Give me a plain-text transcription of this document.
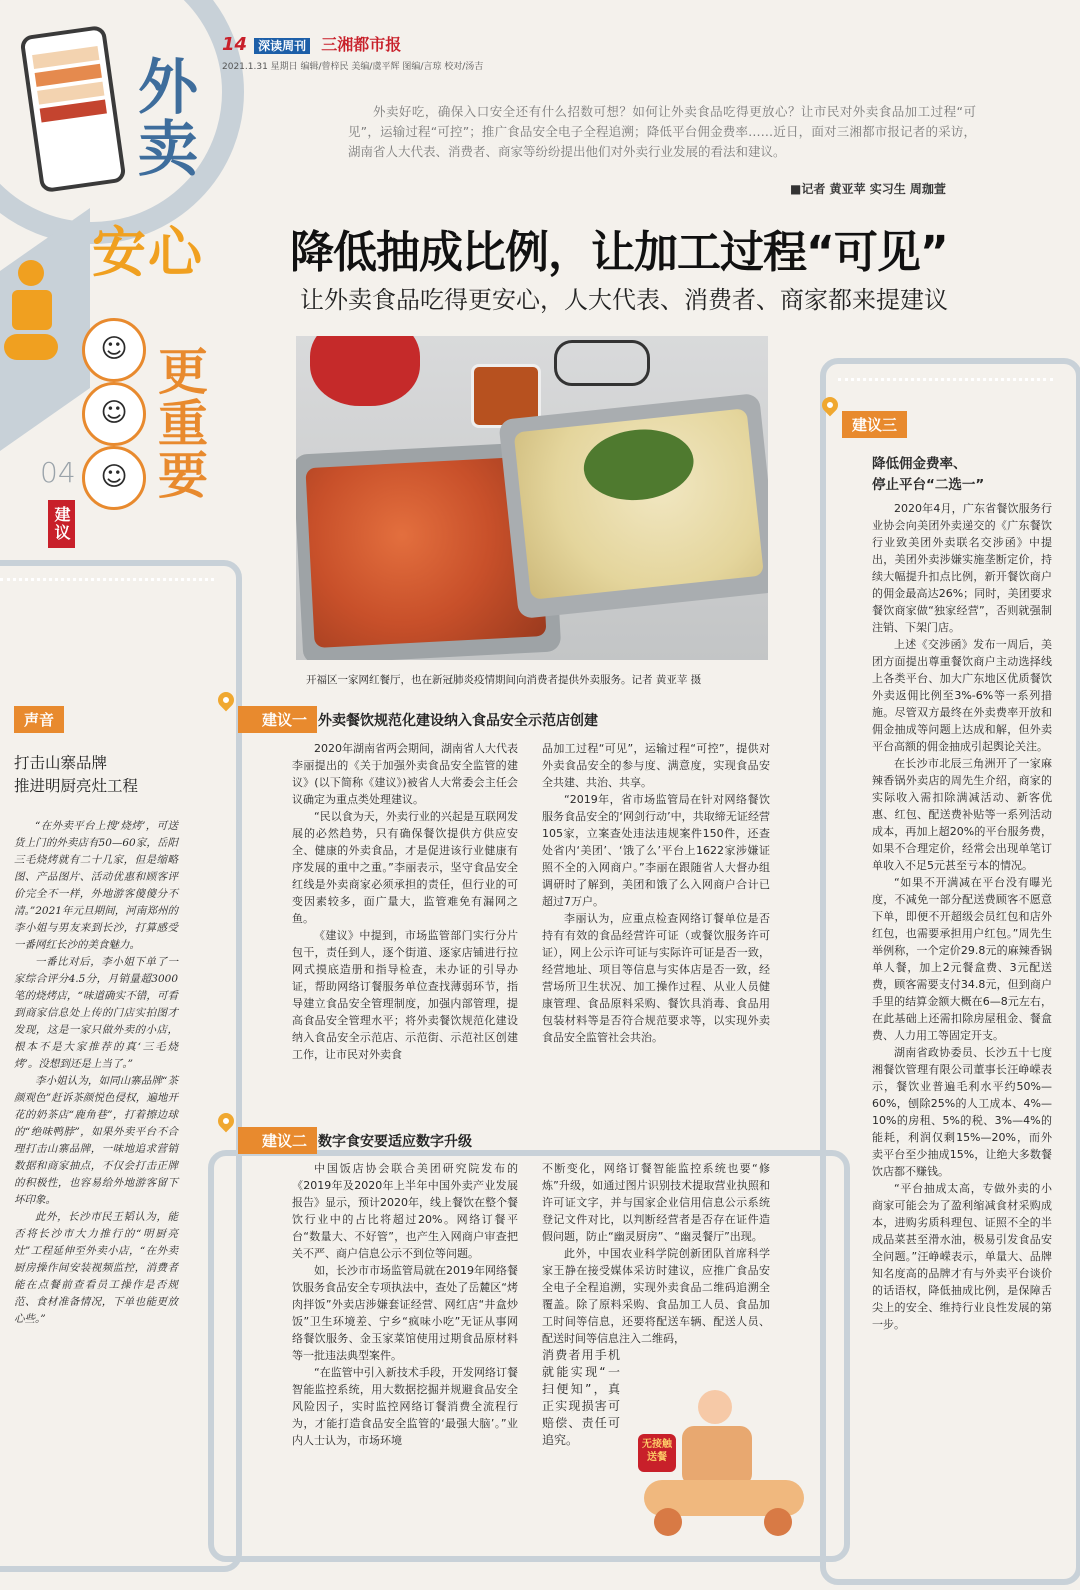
14 深读周刊 三湘都市报
2021.1.31 星期日 编辑/曾梓民 美编/虞平辉 图编/言琼 校对/汤吉
外卖
安心
更重要
☺
☺
☺
04
建议
外卖好吃，确保入口安全还有什么招数可想？如何让外卖食品吃得更放心？让市民对外卖食品加工过程“可见”，运输过程“可控”；推广食品安全电子全程追溯；降低平台佣金费率……近日，面对三湘都市报记者的采访，湖南省人大代表、消费者、商家等纷纷提出他们对外卖行业发展的看法和建议。
■记者 黄亚苹 实习生 周珈萱
降低抽成比例，让加工过程“可见”
让外卖食品吃得更安心，人大代表、消费者、商家都来提建议
开福区一家网红餐厅，也在新冠肺炎疫情期间向消费者提供外卖服务。记者 黄亚苹 摄
建议一 外卖餐饮规范化建设纳入食品安全示范店创建

2020年湖南省两会期间，湖南省人大代表李丽提出的《关于加强外卖食品安全监管的建议》(以下简称《建议》)被省人大常委会主任会议确定为重点类处理建议。

“民以食为天，外卖行业的兴起是互联网发展的必然趋势，只有确保餐饮提供方供应安全、健康的外卖食品，才是促进该行业健康有序发展的重中之重。”李丽表示，坚守食品安全红线是外卖商家必须承担的责任，但行业的可变因素较多，面广量大，监管难免有漏网之鱼。

《建议》中提到，市场监管部门实行分片包干，责任到人，逐个街道、逐家店铺进行拉网式摸底造册和指导检查，未办证的引导办证，帮助网络订餐服务单位查找薄弱环节，指导建立食品安全管理制度，加强内部管理，提高食品安全管理水平；将外卖餐饮规范化建设纳入食品安全示范店、示范街、示范社区创建工作，让市民对外卖食

品加工过程“可见”，运输过程“可控”，提供对外卖食品安全的参与度、满意度，实现食品安全共建、共治、共享。

“2019年，省市场监管局在针对网络餐饮服务食品安全的‘网剑行动’中，共取缔无证经营105家，立案查处违法违规案件150件，还查处省内‘美团’、‘饿了么’平台上1622家涉嫌证照不全的入网商户。”李丽在跟随省人大督办组调研时了解到，美团和饿了么入网商户合计已超过7万户。

李丽认为，应重点检查网络订餐单位是否持有有效的食品经营许可证（或餐饮服务许可证），网上公示许可证与实际许可证是否一致，经营地址、项目等信息与实体店是否一致，经营场所卫生状况、加工操作过程、从业人员健康管理、食品原料采购、餐饮具消毒、食品用包装材料等是否符合规范要求等，以实现外卖食品安全监管社会共治。

建议二 数字食安要适应数字升级

中国饭店协会联合美团研究院发布的《2019年及2020年上半年中国外卖产业发展报告》显示，预计2020年，线上餐饮在整个餐饮行业中的占比将超过20%。网络订餐平台“数量大、不好管”，也产生入网商户审查把关不严、商户信息公示不到位等问题。

如，长沙市市场监管局就在2019年网络餐饮服务食品安全专项执法中，查处了岳麓区“烤肉拌饭”外卖店涉嫌套证经营、网红店“井盒炒饭”卫生环境差、宁乡“疯味小吃”无证从事网络餐饮服务、金玉家菜馆使用过期食品原材料等一批违法典型案件。

“在监管中引入新技术手段，开发网络订餐智能监控系统，用大数据挖掘并规避食品安全风险因子，实时监控网络订餐消费全流程行为，才能打造食品安全监管的‘最强大脑’。”业内人士认为，市场环境

不断变化，网络订餐智能监控系统也要“修炼”升级，如通过图片识别技术提取营业执照和许可证文字，并与国家企业信用信息公示系统登记文件对比，以判断经营者是否存在证件造假问题，防止“幽灵厨房”、“幽灵餐厅”出现。

此外，中国农业科学院创新团队首席科学家王静在接受媒体采访时建议，应推广食品安全电子全程追溯，实现外卖食品二维码追溯全覆盖。除了原料采购、食品加工人员、食品加工时间等信息，还要将配送车辆、配送人员、配送时间等信息注入二维码，

消费者用手机就能实现“一扫便知”，真正实现损害可赔偿、责任可追究。	无接触送餐
建议三
降低佣金费率、
停止平台“二选一”

2020年4月，广东省餐饮服务行业协会向美团外卖递交的《广东餐饮行业致美团外卖联名交涉函》中提出，美团外卖涉嫌实施垄断定价，持续大幅提升扣点比例，新开餐饮商户的佣金最高达26%；同时，美团要求餐饮商家做“独家经营”，否则就强制注销、下架门店。

上述《交涉函》发布一周后，美团方面提出尊重餐饮商户主动选择线上各类平台、加大广东地区优质餐饮外卖返佣比例至3%-6%等一系列措施。尽管双方最终在外卖费率开放和佣金抽成等问题上达成和解，但外卖平台高额的佣金抽成引起舆论关注。

在长沙市北辰三角洲开了一家麻辣香锅外卖店的周先生介绍，商家的实际收入需扣除满减活动、新客优惠、红包、配送费补贴等一系列活动成本，再加上超20%的平台服务费，如果不合理定价，经常会出现单笔订单收入不足5元甚至亏本的情况。

“如果不开满减在平台没有曝光度，不减免一部分配送费顾客不愿意下单，即便不开超级会员红包和店外红包，也需要承担用户红包。”周先生举例称，一个定价29.8元的麻辣香锅单人餐，加上2元餐盒费、3元配送费，顾客需要支付34.8元，但到商户手里的结算金额大概在6—8元左右，在此基础上还需扣除房屋租金、餐盒费、人力用工等固定开支。

湖南省政协委员、长沙五十七度湘餐饮管理有限公司董事长汪峥嵘表示，餐饮业普遍毛利水平约50%—60%，刨除25%的人工成本、4%—10%的房租、5%的税、3%—4%的能耗，利润仅剩15%—20%，而外卖平台至少抽成15%，让绝大多数餐饮店都不赚钱。

“平台抽成太高，专做外卖的小商家可能会为了盈利缩减食材采购成本，进购劣质科理包、证照不全的半成品菜甚至滑水油，极易引发食品安全问题。”汪峥嵘表示，单量大、品牌知名度高的品牌才有与外卖平台谈价的话语权，降低抽成比例，是保障舌尖上的安全、维持行业良性发展的第一步。

声音
打击山寨品牌
推进明厨亮灶工程

“在外卖平台上搜‘烧烤’，可送货上门的外卖店有50—60家，岳阳三毛烧烤就有二十几家，但是缩略图、产品图片、活动优惠和顾客评价完全不一样，外地游客傻傻分不清。”2021年元旦期间，河南郑州的李小姐与男友来到长沙，打算感受一番网红长沙的美食魅力。

一番比对后，李小姐下单了一家综合评分4.5分，月销量超3000笔的烧烤店，“味道确实不错，可看到商家信息处上传的门店实拍图才发现，这是一家只做外卖的小店，根本不是大家推荐的真‘三毛烧烤’。没想到还是上当了。”

李小姐认为，如同山寨品牌“茶颜观色”赶诉茶颜悦色侵权，遍地开花的奶茶店“鹿角巷”，打着擦边球的“绝味鸭脖”，如果外卖平台不合理打击山寨品牌，一味地追求营销数据和商家抽点，不仅会打击正牌的积极性，也容易给外地游客留下坏印象。

此外，长沙市民王韬认为，能否将长沙市大力推行的“明厨亮灶”工程延伸至外卖小店，“在外卖厨房操作间安装视频监控，消费者能在点餐前查看员工操作是否规范、食材准备情况，下单也能更放心些。”
